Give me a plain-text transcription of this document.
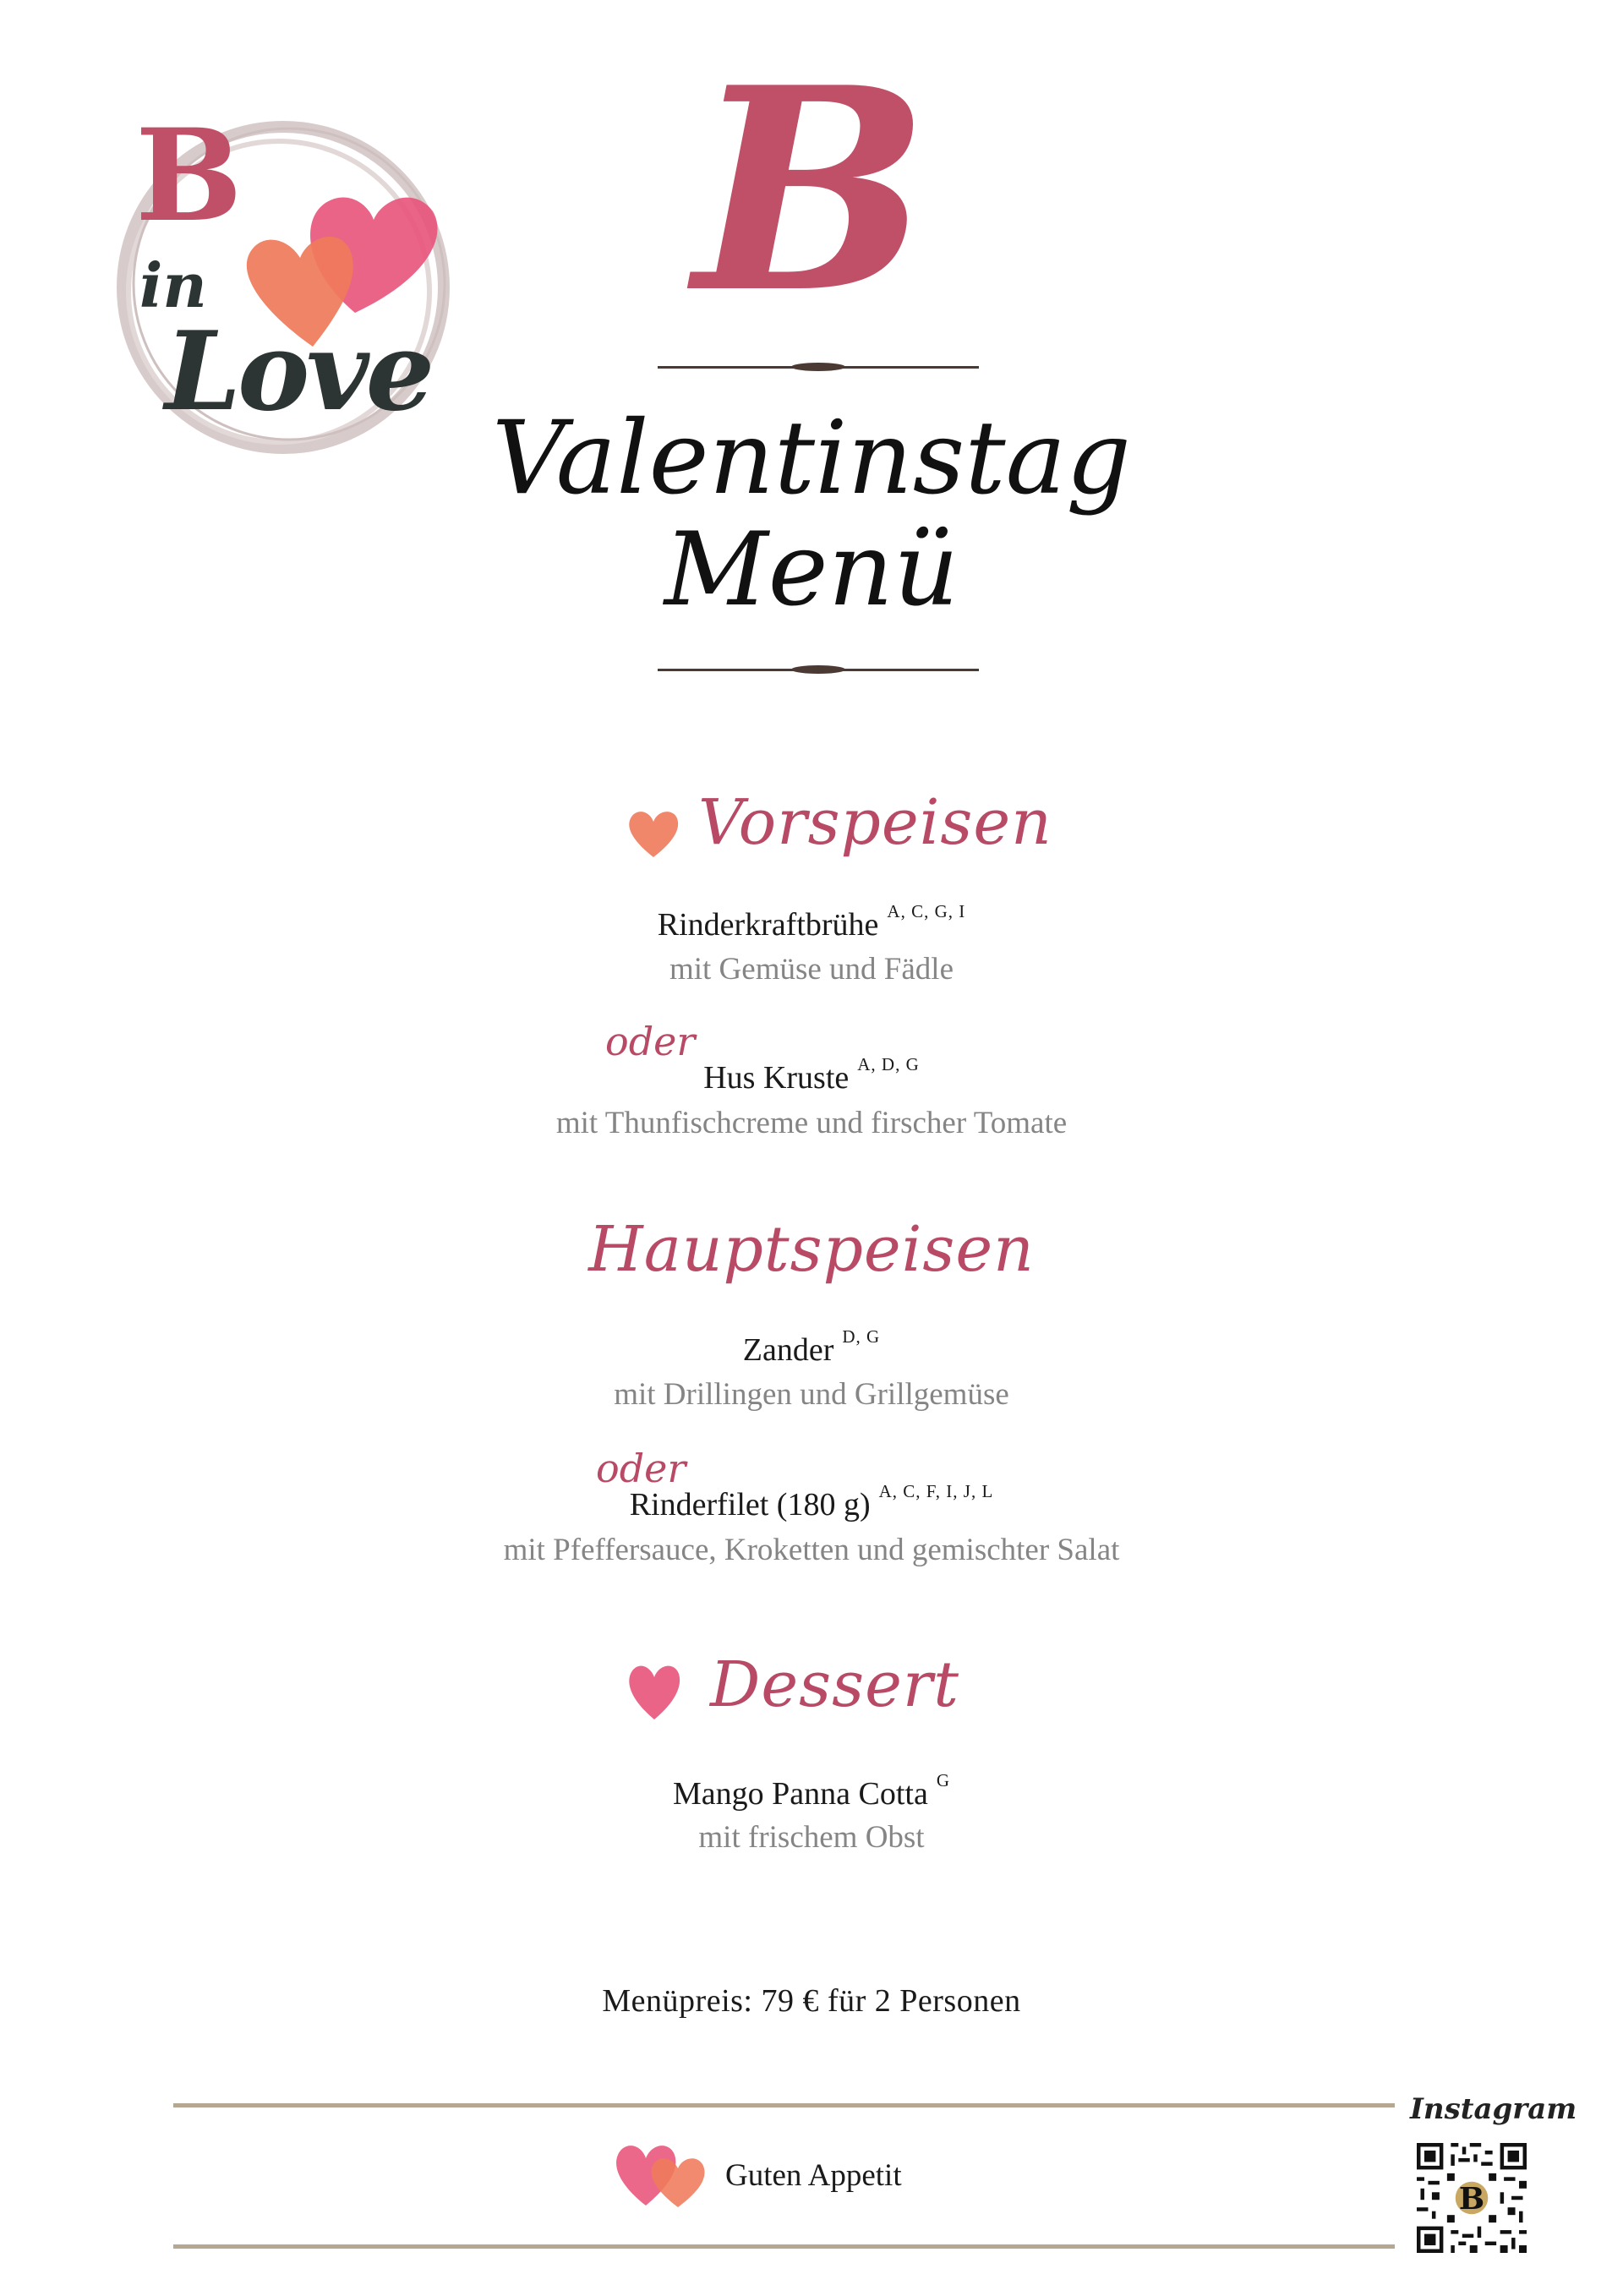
B
in
Love
B
Valentinstag
Menü
Vorspeisen
Rinderkraftbrühe $^{A, C, G, I}$
mit Gemüse und Fädle
oder
Hus Kruste $^{A, D, G}$
mit Thunfischcreme und firscher Tomate
Hauptspeisen
Zander $^{D, G}$
mit Drillingen und Grillgemüse
oder
Rinderfilet (180 g) $^{A, C, F, I, J, L}$
mit Pfeffersauce, Kroketten und gemischter Salat
Dessert
Mango Panna Cotta $^G$
mit frischem Obst
Menüpreis: 79 € für 2 Personen
Guten Appetit
Instagram
B
